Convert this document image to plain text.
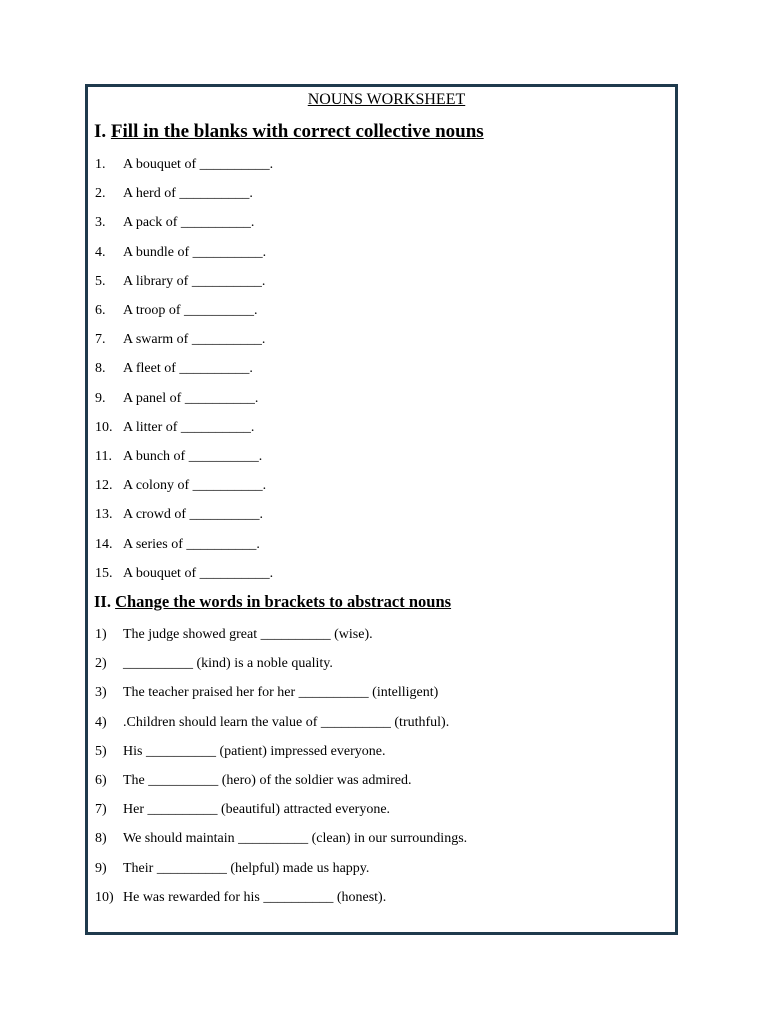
NOUNS WORKSHEET
I. Fill in the blanks with correct collective nouns
1. A bouquet of __________.
2. A herd of __________.
3. A pack of __________.
4. A bundle of __________.
5. A library of __________.
6. A troop of __________.
7. A swarm of __________.
8. A fleet of __________.
9. A panel of __________.
10. A litter of __________.
11. A bunch of __________.
12. A colony of __________.
13. A crowd of __________.
14. A series of __________.
15. A bouquet of __________.
II. Change the words in brackets to abstract nouns
1) The judge showed great __________ (wise).
2) __________ (kind) is a noble quality.
3) The teacher praised her for her __________ (intelligent)
4) .Children should learn the value of __________ (truthful).
5) His __________ (patient) impressed everyone.
6) The __________ (hero) of the soldier was admired.
7) Her __________ (beautiful) attracted everyone.
8) We should maintain __________ (clean) in our surroundings.
9) Their __________ (helpful) made us happy.
10) He was rewarded for his __________ (honest).
